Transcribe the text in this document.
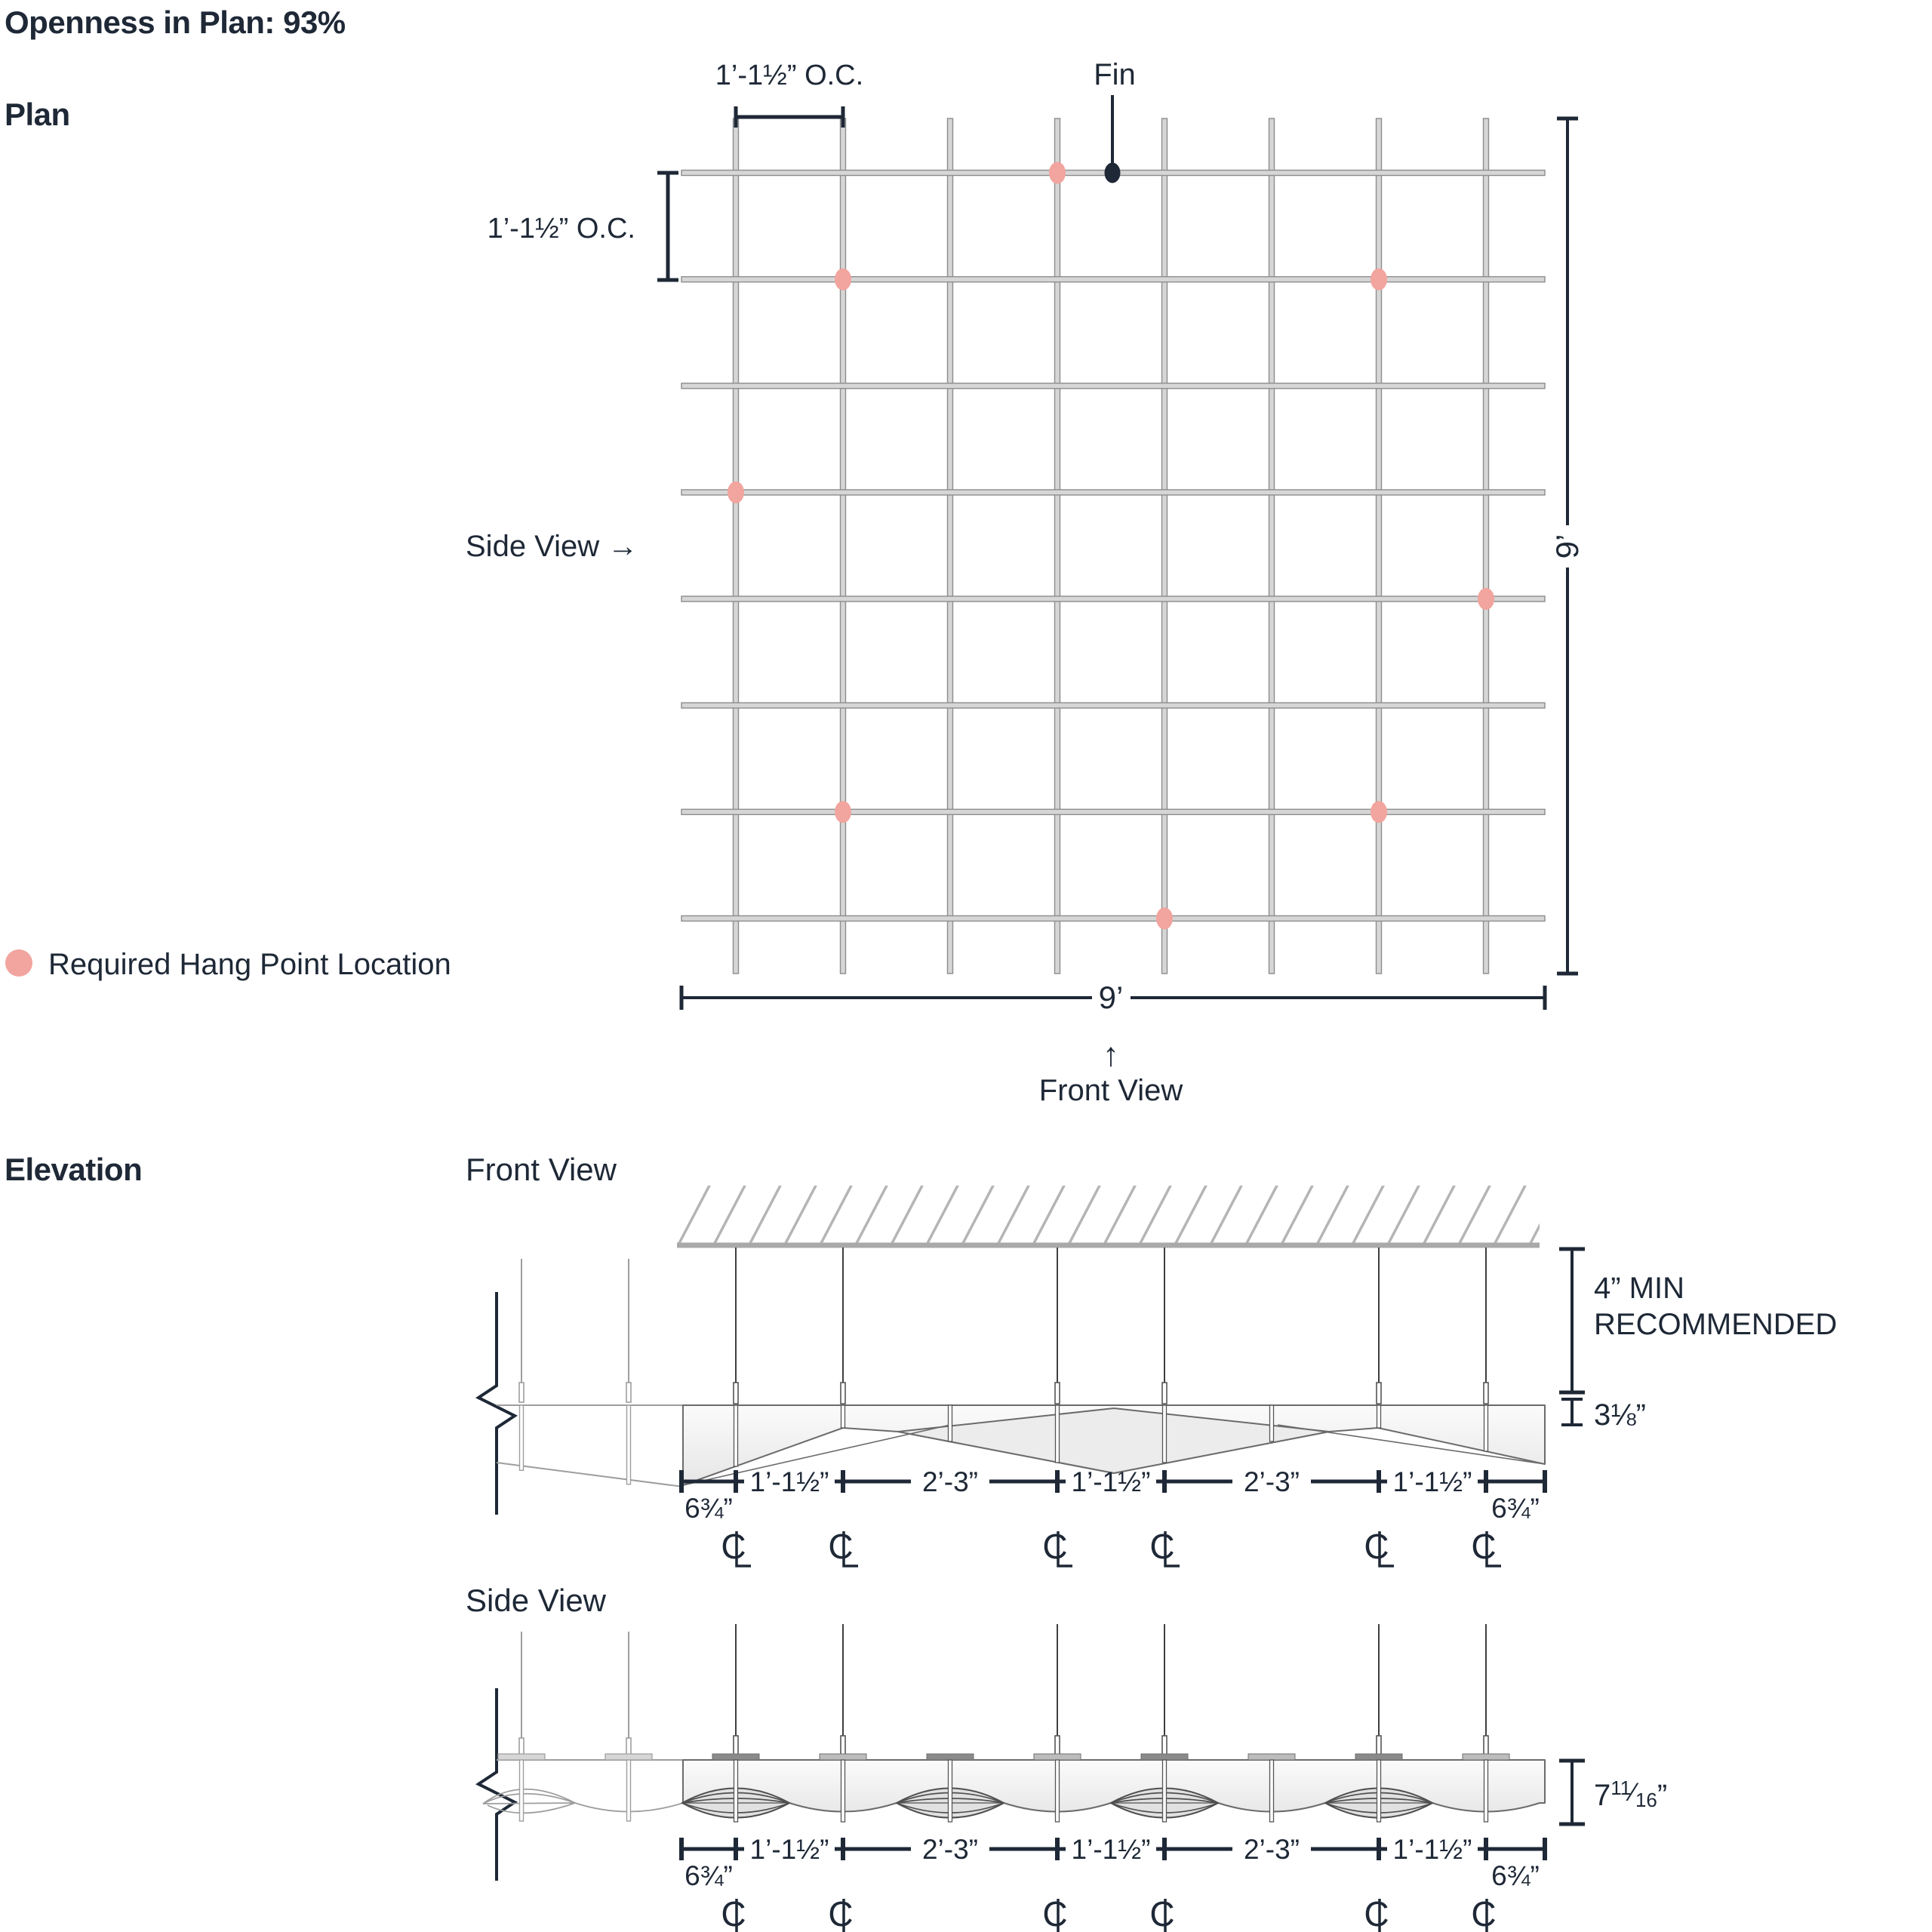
Openness in Plan: 93%
Plan
Elevation
Fin
1’-1½” O.C.
1’-1½” O.C.
9’
9’
Side View →
↑
Front View
Required Hang Point Location
Front View
4” MIN
RECOMMENDED
3⅛”
6¾”
1’-1½”	2’-3”	1’-1½”	2’-3”	1’-1½”
6¾”
C C	C C	C C
Side View
$7^{11}_{⁄16}$”
6¾”
1’-1½”	2’-3”	1’-1½”	2’-3”	1’-1½”
6¾”
C C	C C	C C
